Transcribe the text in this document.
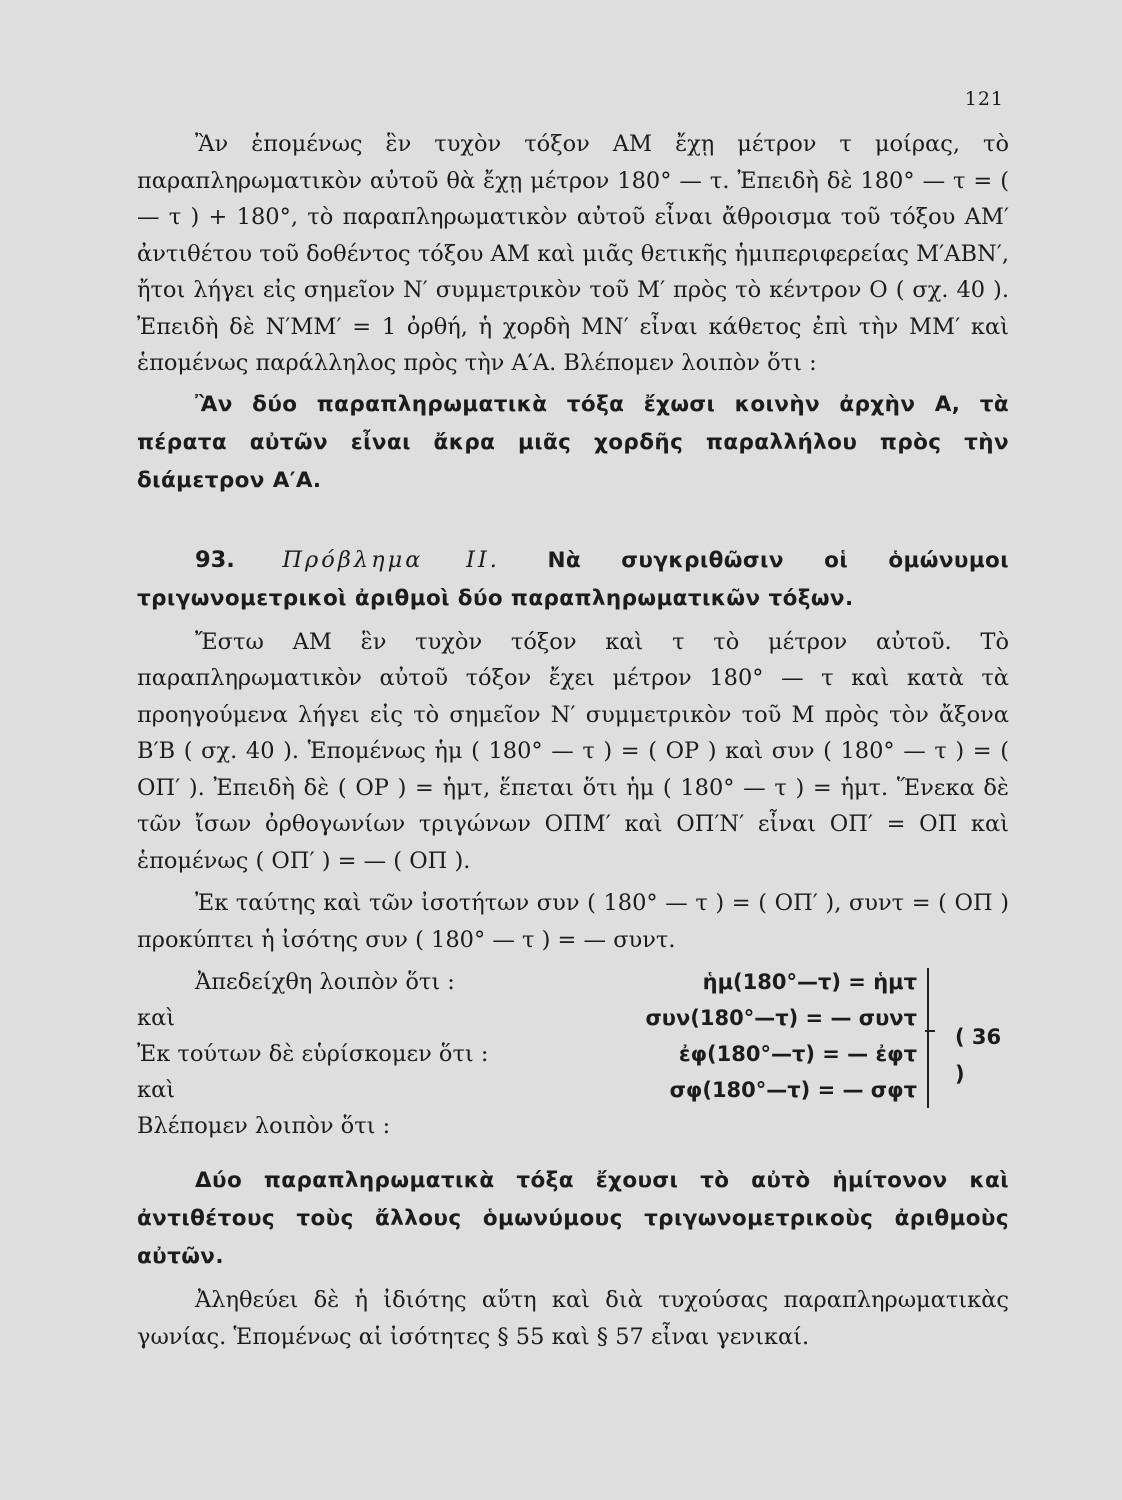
121

Ἂν ἑπομένως ἓν τυχὸν τόξον ΑΜ ἔχῃ μέτρον τ μοίρας, τὸ παραπληρωματικὸν αὐτοῦ θὰ ἔχῃ μέτρον 180° — τ. Ἐπειδὴ δὲ 180° — τ = ( — τ ) + 180°, τὸ παραπληρωματικὸν αὐτοῦ εἶναι ἄθροισμα τοῦ τόξου ΑΜ′ ἀντιθέτου τοῦ δοθέντος τόξου ΑΜ καὶ μιᾶς θετικῆς ἡμιπεριφερείας Μ′ΑΒΝ′, ἤτοι λήγει εἰς σημεῖον Ν′ συμμετρικὸν τοῦ Μ′ πρὸς τὸ κέντρον Ο ( σχ. 40 ). Ἐπειδὴ δὲ Ν′ΜΜ′ = 1 ὀρθή, ἡ χορδὴ ΜΝ′ εἶναι κάθετος ἐπὶ τὴν ΜΜ′ καὶ ἑπομένως παράλληλος πρὸς τὴν Α′Α. Βλέπομεν λοιπὸν ὅτι :

Ἂν δύο παραπληρωματικὰ τόξα ἔχωσι κοινὴν ἀρχὴν Α, τὰ πέρατα αὐτῶν εἶναι ἄκρα μιᾶς χορδῆς παραλλήλου πρὸς τὴν διάμετρον Α′Α.

93. Πρόβλημα ΙΙ. Νὰ συγκριθῶσιν οἱ ὁμώνυμοι τριγωνομετρικοὶ ἀριθμοὶ δύο παραπληρωματικῶν τόξων.

Ἔστω ΑΜ ἓν τυχὸν τόξον καὶ τ τὸ μέτρον αὐτοῦ. Τὸ παραπληρωματικὸν αὐτοῦ τόξον ἔχει μέτρον 180° — τ καὶ κατὰ τὰ προηγούμενα λήγει εἰς τὸ σημεῖον Ν′ συμμετρικὸν τοῦ Μ πρὸς τὸν ἄξονα Β′Β ( σχ. 40 ). Ἑπομένως ἡμ ( 180° — τ ) = ( ΟΡ ) καὶ συν ( 180° — τ ) = ( ΟΠ′ ). Ἐπειδὴ δὲ ( ΟΡ ) = ἡμτ, ἕπεται ὅτι ἡμ ( 180° — τ ) = ἡμτ. Ἕνεκα δὲ τῶν ἴσων ὀρθογωνίων τριγώνων ΟΠΜ′ καὶ ΟΠ′Ν′ εἶναι ΟΠ′ = ΟΠ καὶ ἑπομένως ( ΟΠ′ ) = — ( ΟΠ ).

Ἐκ ταύτης καὶ τῶν ἰσοτήτων συν ( 180° — τ ) = ( ΟΠ′ ), συντ = ( ΟΠ ) προκύπτει ἡ ἰσότης συν ( 180° — τ ) = — συντ.

Ἀπεδείχθη λοιπὸν ὅτι :
καὶ
Ἐκ τούτων δὲ εὑρίσκομεν ὅτι :
καὶ
Βλέπομεν λοιπὸν ὅτι :
ἡμ(180°—τ) = ἡμτ
συν(180°—τ) = — συντ
ἐφ(180°—τ) = — ἐφτ
σφ(180°—τ) = — σφτ
( 36 )

Δύο παραπληρωματικὰ τόξα ἔχουσι τὸ αὐτὸ ἡμίτονον καὶ ἀντιθέτους τοὺς ἄλλους ὁμωνύμους τριγωνομετρικοὺς ἀριθμοὺς αὐτῶν.

Ἀληθεύει δὲ ἡ ἰδιότης αὕτη καὶ διὰ τυχούσας παραπληρωματικὰς γωνίας. Ἑπομένως αἱ ἰσότητες § 55 καὶ § 57 εἶναι γενικαί.
